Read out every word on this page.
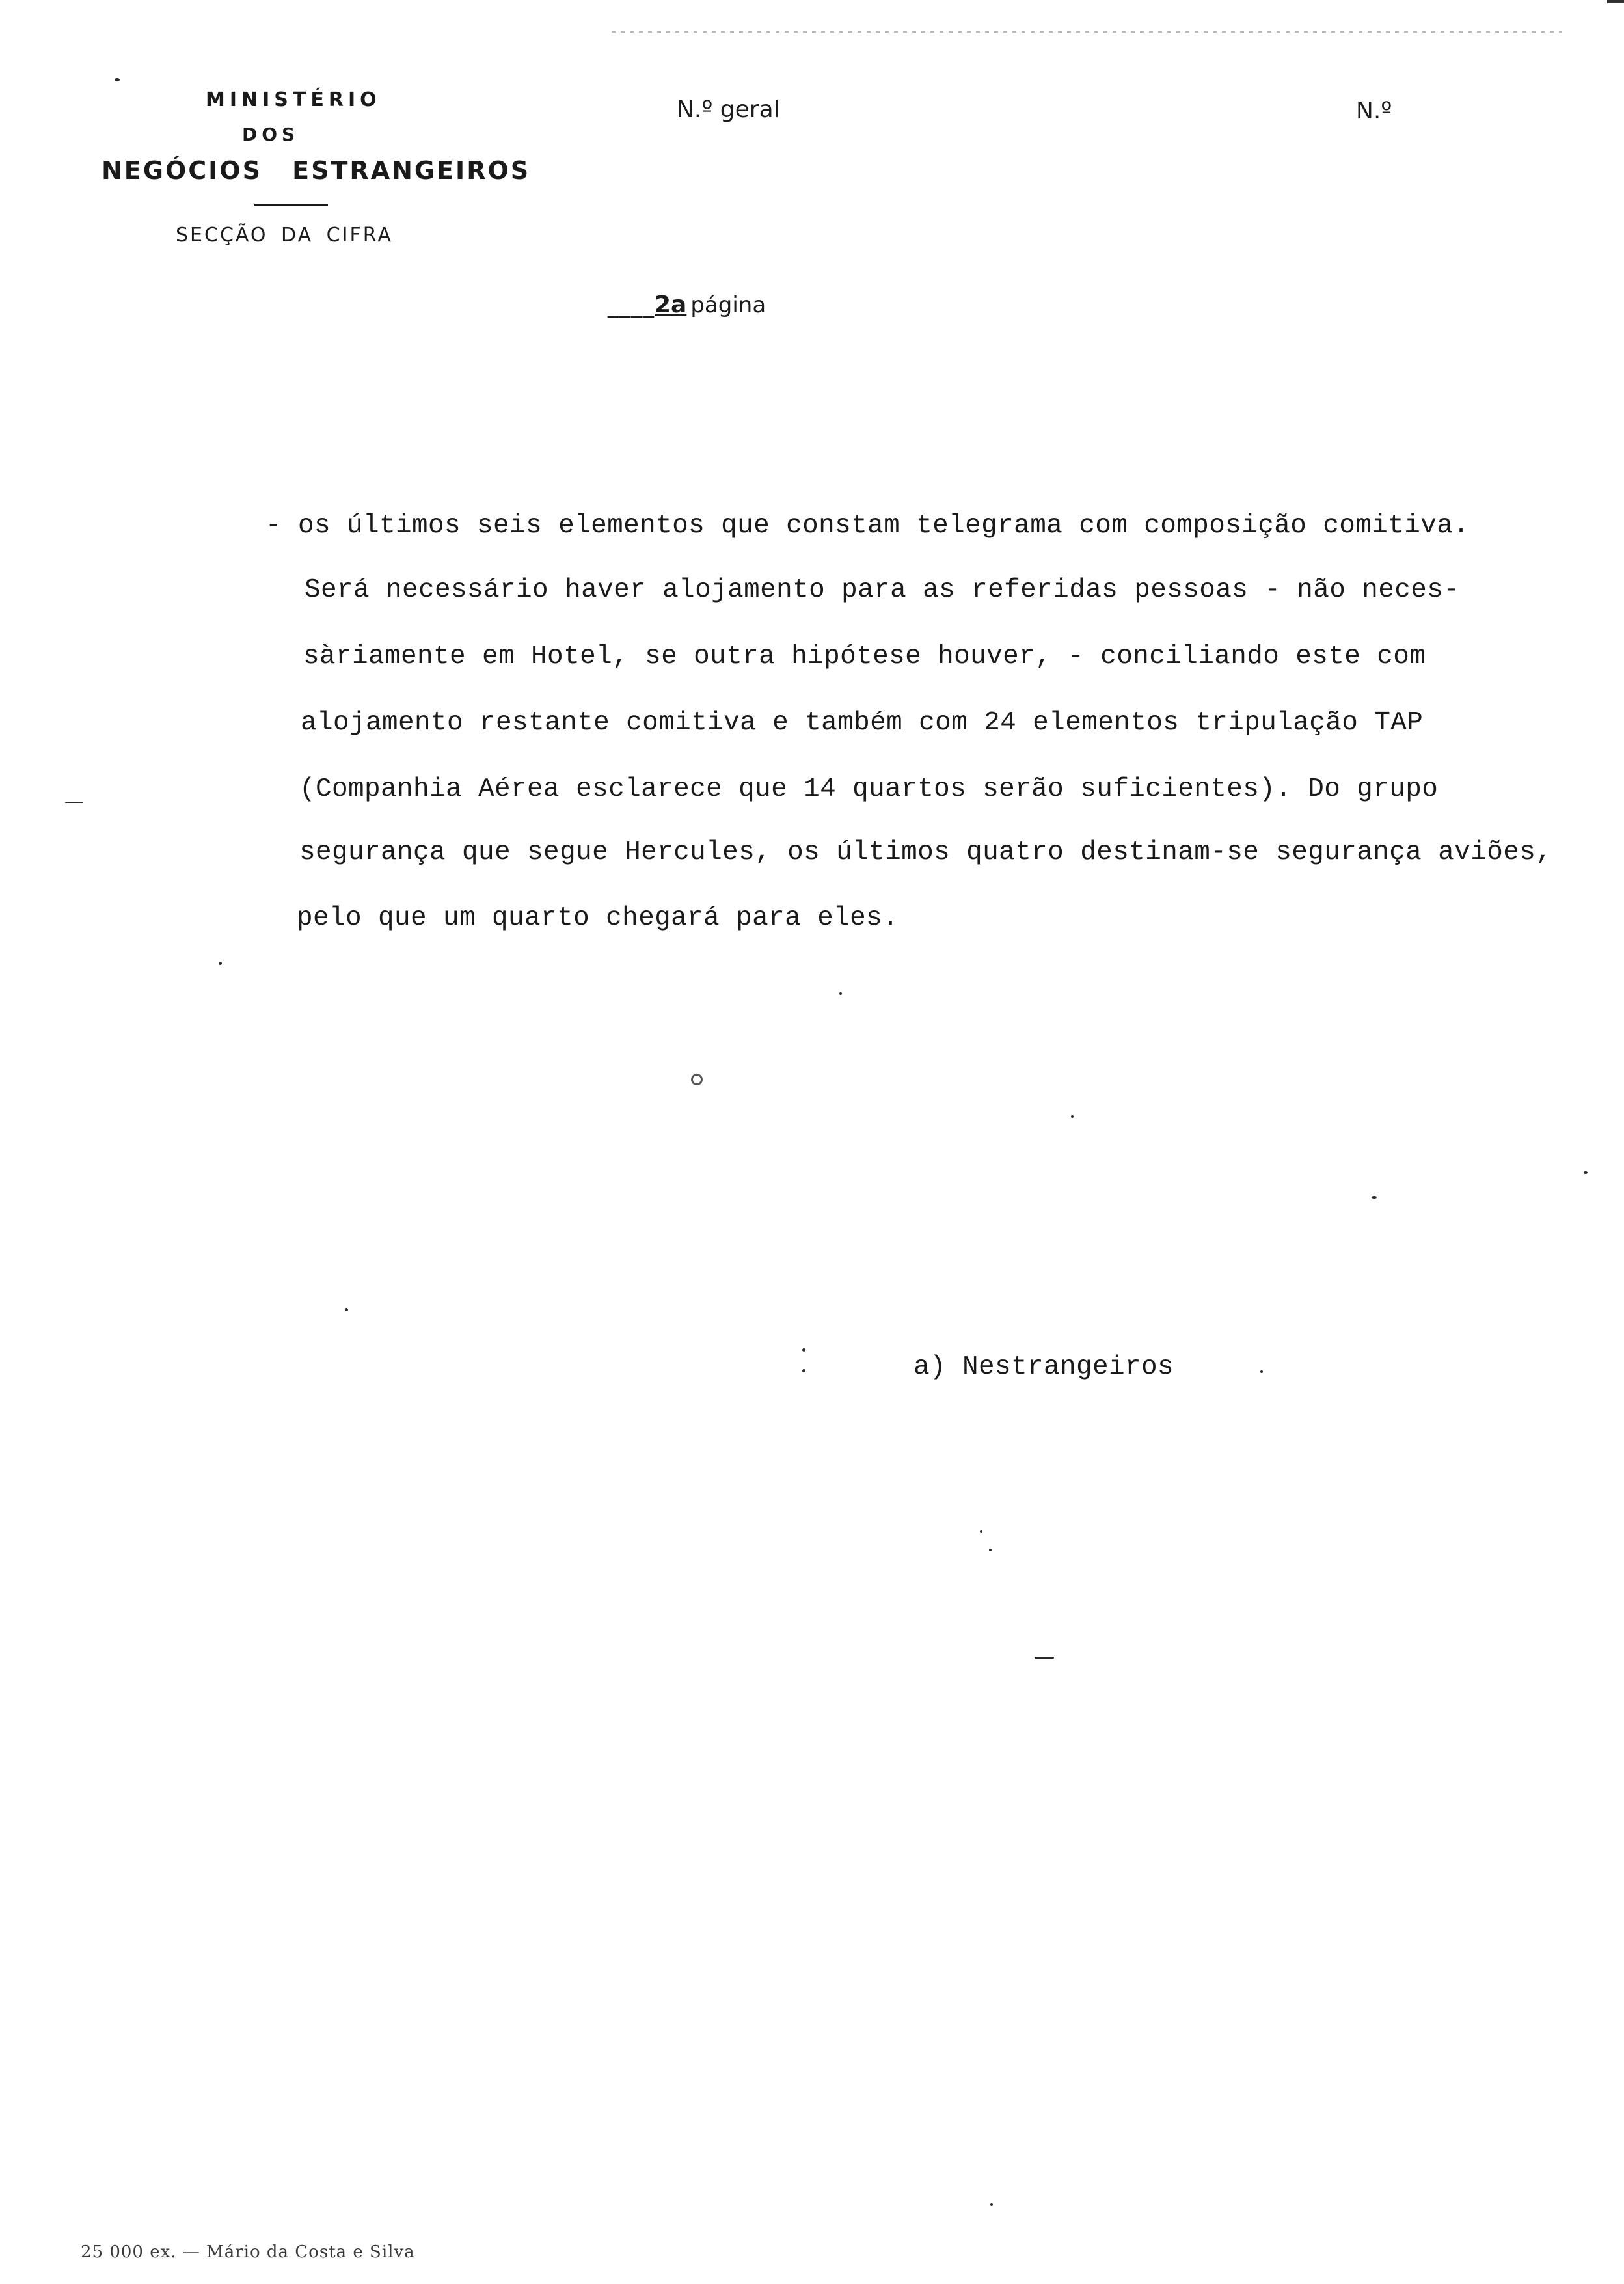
MINISTÉRIO
DOS
NEGÓCIOS ESTRANGEIROS
SECÇÃO DA CIFRA
N.º geral	N.º
____2a página
- os últimos seis elementos que constam telegrama com composição comitiva.
Será necessário haver alojamento para as referidas pessoas - não neces-
sàriamente em Hotel, se outra hipótese houver, - conciliando este com
alojamento restante comitiva e também com 24 elementos tripulação TAP
(Companhia Aérea esclarece que 14 quartos serão suficientes). Do grupo
segurança que segue Hercules, os últimos quatro destinam-se segurança aviões,
pelo que um quarto chegará para eles.
a) Nestrangeiros
25 000 ex. — Mário da Costa e Silva
